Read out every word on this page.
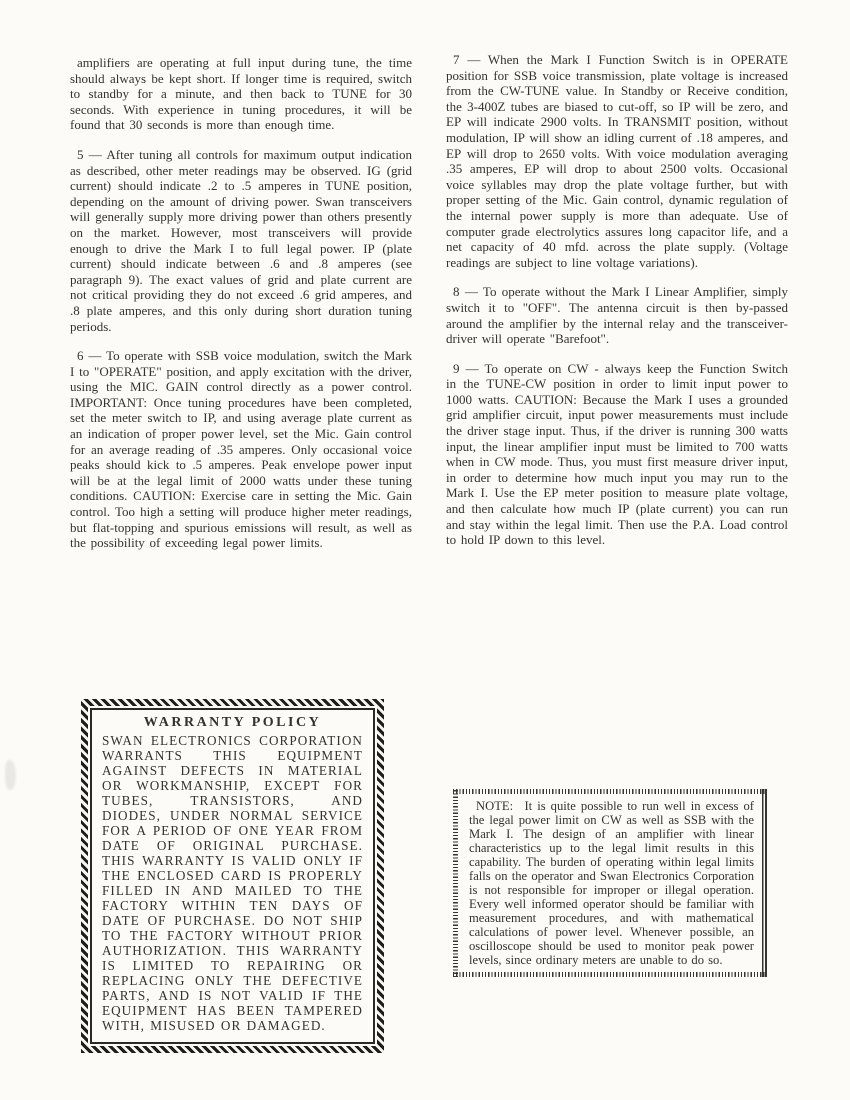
amplifiers are operating at full input during tune, the time should always be kept short. If longer time is required, switch to standby for a minute, and then back to TUNE for 30 seconds. With experience in tuning procedures, it will be found that 30 seconds is more than enough time.

5 — After tuning all controls for maximum output indication as described, other meter readings may be observed. IG (grid current) should indicate .2 to .5 amperes in TUNE position, depending on the amount of driving power. Swan transceivers will generally supply more driving power than others presently on the market. However, most transceivers will provide enough to drive the Mark I to full legal power. IP (plate current) should indicate between .6 and .8 amperes (see paragraph 9). The exact values of grid and plate current are not critical providing they do not exceed .6 grid amperes, and .8 plate amperes, and this only during short duration tuning periods.

6 — To operate with SSB voice modulation, switch the Mark I to "OPERATE" position, and apply excitation with the driver, using the MIC. GAIN control directly as a power control. IMPORTANT: Once tuning procedures have been completed, set the meter switch to IP, and using average plate current as an indication of proper power level, set the Mic. Gain control for an average reading of .35 amperes. Only occasional voice peaks should kick to .5 amperes. Peak envelope power input will be at the legal limit of 2000 watts under these tuning conditions. CAUTION: Exercise care in setting the Mic. Gain control. Too high a setting will produce higher meter readings, but flat-topping and spurious emissions will result, as well as the possibility of exceeding legal power limits.

7 — When the Mark I Function Switch is in OPERATE position for SSB voice transmission, plate voltage is increased from the CW-TUNE value. In Standby or Receive condition, the 3-400Z tubes are biased to cut-off, so IP will be zero, and EP will indicate 2900 volts. In TRANSMIT position, without modulation, IP will show an idling current of .18 amperes, and EP will drop to 2650 volts. With voice modulation averaging .35 amperes, EP will drop to about 2500 volts. Occasional voice syllables may drop the plate voltage further, but with proper setting of the Mic. Gain control, dynamic regulation of the internal power supply is more than adequate. Use of computer grade electrolytics assures long capacitor life, and a net capacity of 40 mfd. across the plate supply. (Voltage readings are subject to line voltage variations).

8 — To operate without the Mark I Linear Amplifier, simply switch it to "OFF". The antenna circuit is then by-passed around the amplifier by the internal relay and the transceiver-driver will operate "Barefoot".

9 — To operate on CW - always keep the Function Switch in the TUNE-CW position in order to limit input power to 1000 watts. CAUTION: Because the Mark I uses a grounded grid amplifier circuit, input power measurements must include the driver stage input. Thus, if the driver is running 300 watts input, the linear amplifier input must be limited to 700 watts when in CW mode. Thus, you must first measure driver input, in order to determine how much input you may run to the Mark I. Use the EP meter position to measure plate voltage, and then calculate how much IP (plate current) you can run and stay within the legal limit. Then use the P.A. Load control to hold IP down to this level.

WARRANTY POLICY
SWAN ELECTRONICS CORPORATION WARRANTS THIS EQUIPMENT AGAINST DEFECTS IN MATERIAL OR WORKMANSHIP, EXCEPT FOR TUBES, TRANSISTORS, AND DIODES, UNDER NORMAL SERVICE FOR A PERIOD OF ONE YEAR FROM DATE OF ORIGINAL PURCHASE. THIS WARRANTY IS VALID ONLY IF THE ENCLOSED CARD IS PROPERLY FILLED IN AND MAILED TO THE FACTORY WITHIN TEN DAYS OF DATE OF PURCHASE. DO NOT SHIP TO THE FACTORY WITHOUT PRIOR AUTHORIZATION. THIS WARRANTY IS LIMITED TO REPAIRING OR REPLACING ONLY THE DEFECTIVE PARTS, AND IS NOT VALID IF THE EQUIPMENT HAS BEEN TAMPERED WITH, MISUSED OR DAMAGED.
NOTE:  It is quite possible to run well in excess of the legal power limit on CW as well as SSB with the Mark I. The design of an amplifier with linear characteristics up to the legal limit results in this capability. The burden of operating within legal limits falls on the operator and Swan Electronics Corporation is not responsible for improper or illegal operation. Every well informed operator should be familiar with measurement procedures, and with mathematical calculations of power level. Whenever possible, an oscilloscope should be used to monitor peak power levels, since ordinary meters are unable to do so.
